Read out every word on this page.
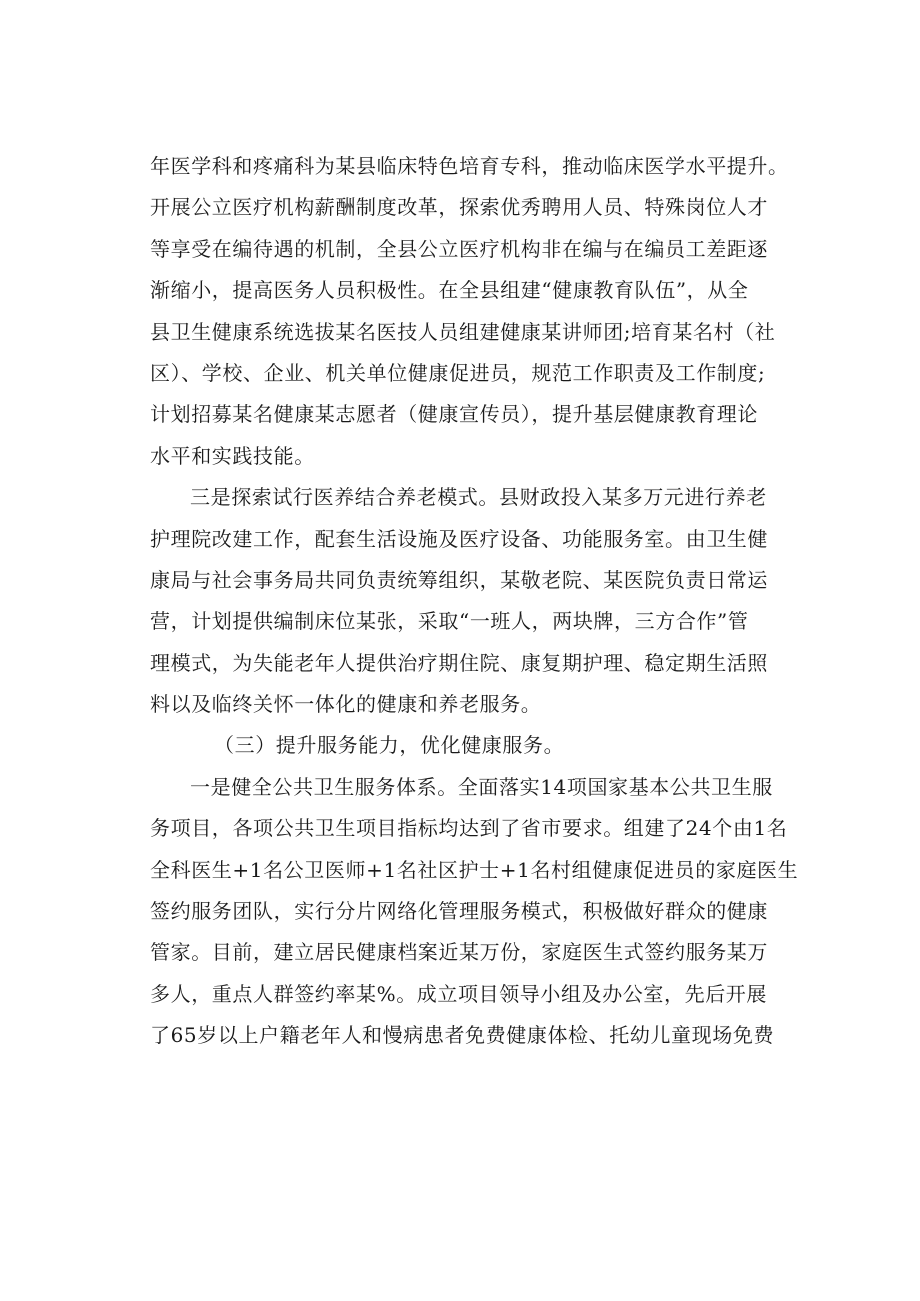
年医学科和疼痛科为某县临床特色培育专科，推动临床医学水平提升。
开展公立医疗机构薪酬制度改革，探索优秀聘用人员、特殊岗位人才
等享受在编待遇的机制，全县公立医疗机构非在编与在编员工差距逐
渐缩小，提高医务人员积极性。在全县组建“健康教育队伍”，从全
县卫生健康系统选拔某名医技人员组建健康某讲师团;培育某名村（社
区）、学校、企业、机关单位健康促进员，规范工作职责及工作制度;
计划招募某名健康某志愿者（健康宣传员），提升基层健康教育理论
水平和实践技能。
三是探索试行医养结合养老模式。县财政投入某多万元进行养老
护理院改建工作，配套生活设施及医疗设备、功能服务室。由卫生健
康局与社会事务局共同负责统筹组织，某敬老院、某医院负责日常运
营，计划提供编制床位某张，采取“一班人，两块牌，三方合作”管
理模式，为失能老年人提供治疗期住院、康复期护理、稳定期生活照
料以及临终关怀一体化的健康和养老服务。
（三）提升服务能力，优化健康服务。
一是健全公共卫生服务体系。全面落实14项国家基本公共卫生服
务项目，各项公共卫生项目指标均达到了省市要求。组建了24个由1名
全科医生+1名公卫医师+1名社区护士+1名村组健康促进员的家庭医生
签约服务团队，实行分片网络化管理服务模式，积极做好群众的健康
管家。目前，建立居民健康档案近某万份，家庭医生式签约服务某万
多人，重点人群签约率某%。成立项目领导小组及办公室，先后开展
了65岁以上户籍老年人和慢病患者免费健康体检、托幼儿童现场免费
